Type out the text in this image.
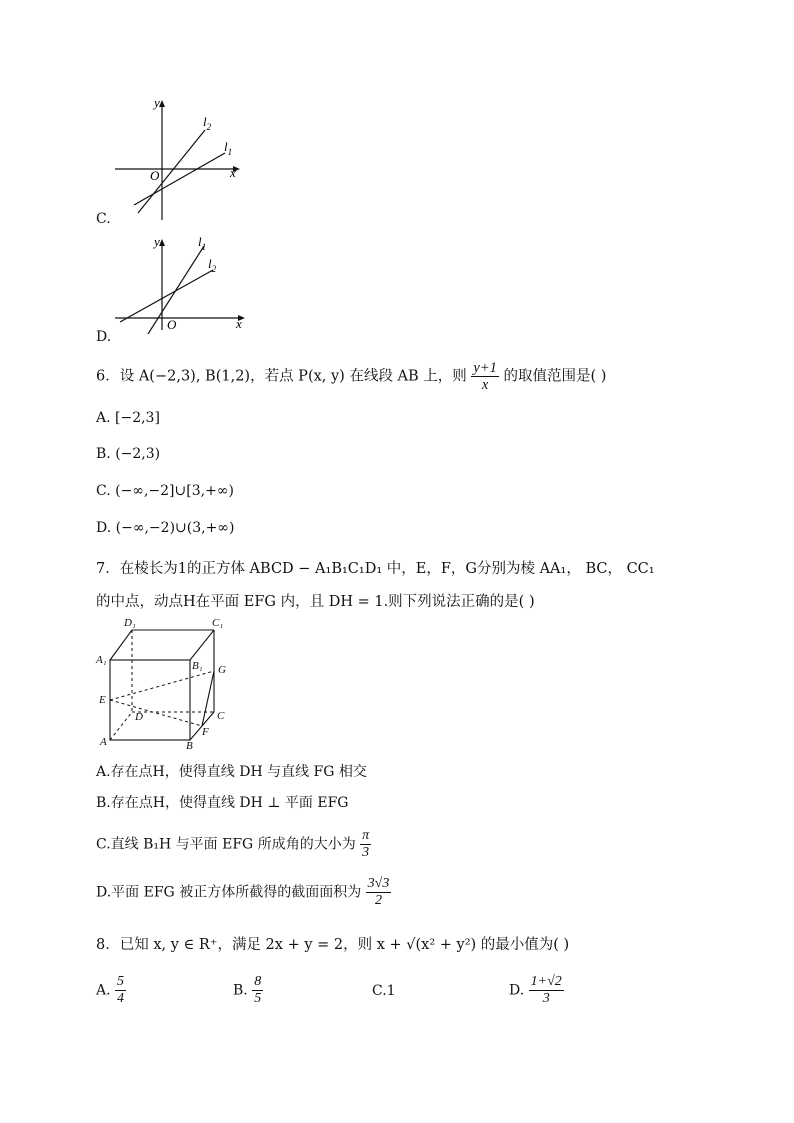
y
x
O
$l_2$
$l_1$
C.
y
x
O
$l_1$
$l_2$
D.
6．设 A(−2,3), B(1,2)，若点 P(x, y) 在线段 AB 上，则 $\frac{y+1}{x}$ 的取值范围是( )
A. [−2,3]
B. (−2,3)
C. (−∞,−2]∪[3,+∞)
D. (−∞,−2)∪(3,+∞)
7．在棱长为1的正方体 ABCD − A₁B₁C₁D₁ 中，E，F，G分别为棱 AA₁， BC， CC₁
的中点，动点H在平面 EFG 内，且 DH = 1.则下列说法正确的是( )
D₁	C₁
A₁	B₁ G
E
D	C
F
A	B
A.存在点H，使得直线 DH 与直线 FG 相交
B.存在点H，使得直线 DH ⊥ 平面 EFG
C.直线 B₁H 与平面 EFG 所成角的大小为 $\frac{\pi}{3}$
D.平面 EFG 被正方体所截得的截面面积为 $\frac{3√3}{2}$
8．已知 x, y ∈ R⁺，满足 2x + y = 2，则 x + √(x² + y²) 的最小值为( )
A. $\frac{5}{4}$	B. $\frac{8}{5}$	C.1	D. $\frac{1+√2}{3}$
